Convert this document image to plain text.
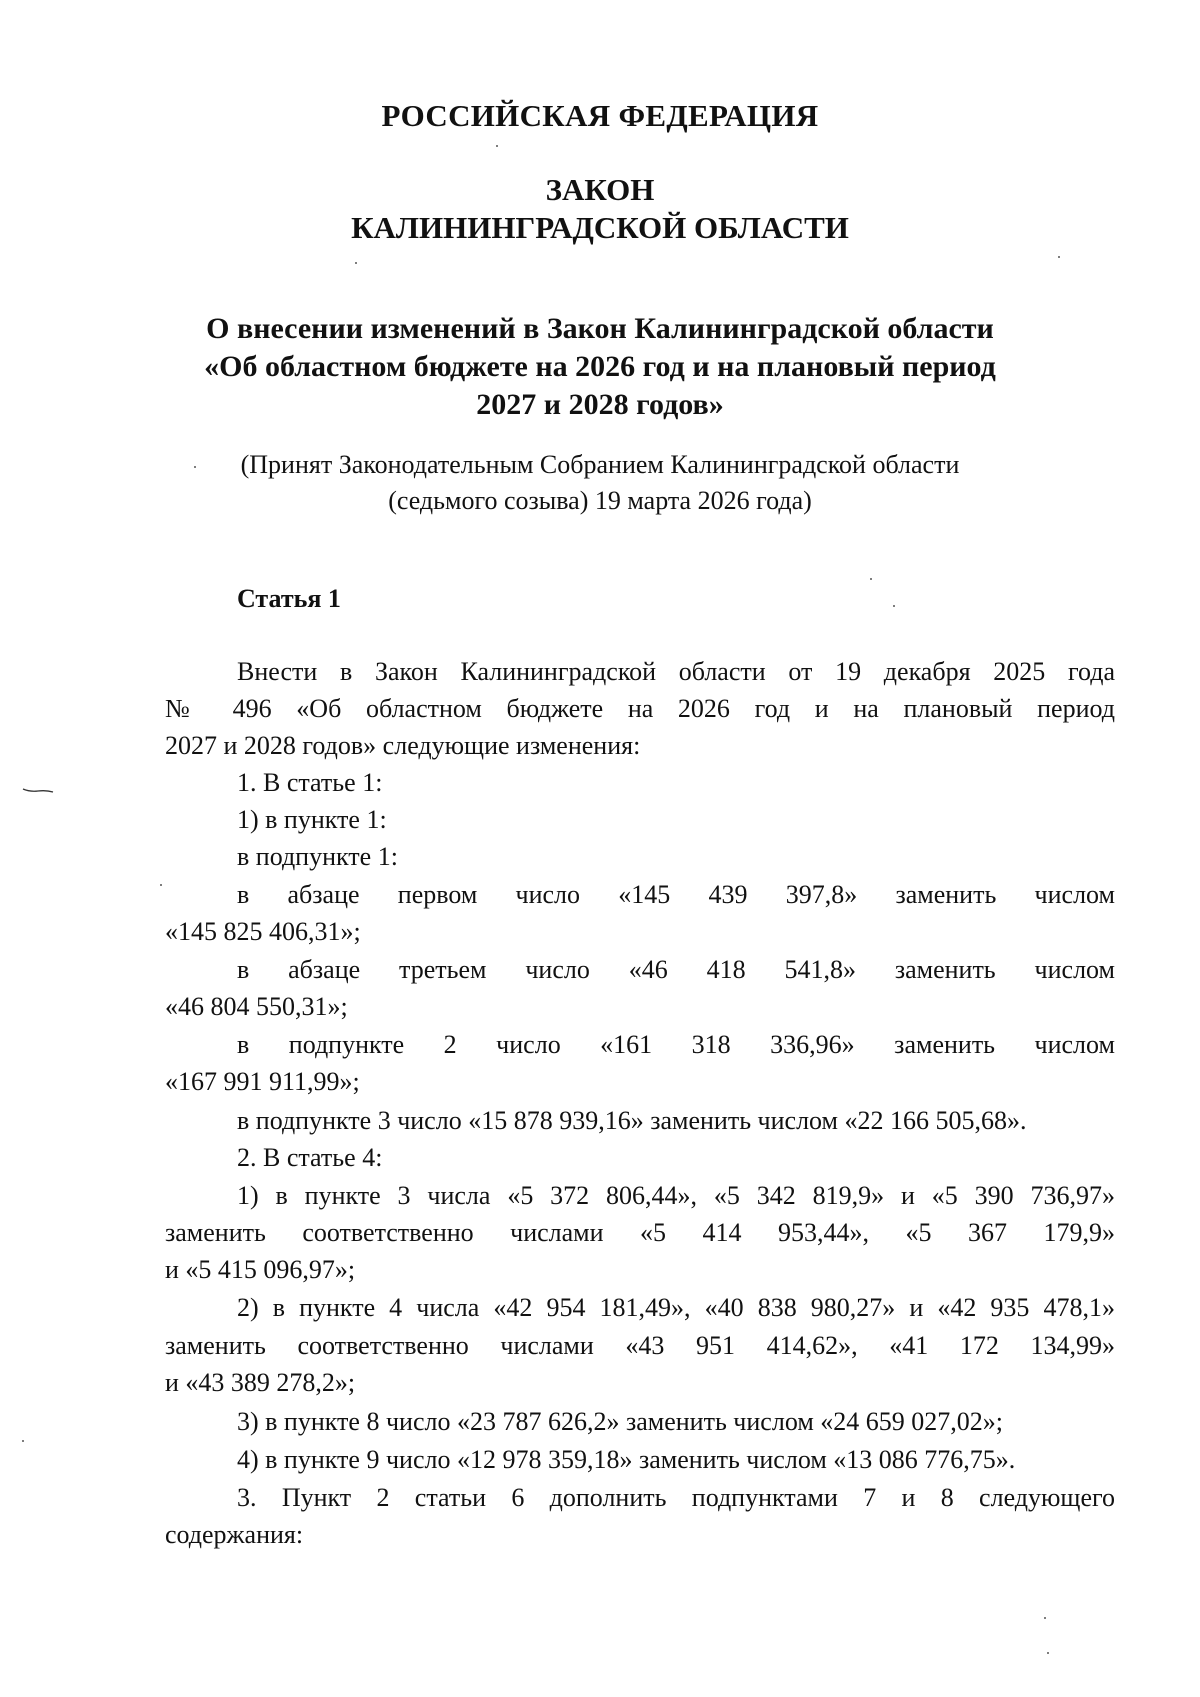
РОССИЙСКАЯ ФЕДЕРАЦИЯ
ЗАКОН
КАЛИНИНГРАДСКОЙ ОБЛАСТИ
О внесении изменений в Закон Калининградской области
«Об областном бюджете на 2026 год и на плановый период
2027 и 2028 годов»
(Принят Законодательным Собранием Калининградской области
(седьмого созыва) 19 марта 2026 года)
Статья 1
Внести в Закон Калининградской области от 19 декабря 2025 года
№ 496 «Об областном бюджете на 2026 год и на плановый период
2027 и 2028 годов» следующие изменения:
1. В статье 1:
1) в пункте 1:
в подпункте 1:
в абзаце первом число «145 439 397,8» заменить числом
«145 825 406,31»;
в абзаце третьем число «46 418 541,8» заменить числом
«46 804 550,31»;
в подпункте 2 число «161 318 336,96» заменить числом
«167 991 911,99»;
в подпункте 3 число «15 878 939,16» заменить числом «22 166 505,68».
2. В статье 4:
1) в пункте 3 числа «5 372 806,44», «5 342 819,9» и «5 390 736,97»
заменить соответственно числами «5 414 953,44», «5 367 179,9»
и «5 415 096,97»;
2) в пункте 4 числа «42 954 181,49», «40 838 980,27» и «42 935 478,1»
заменить соответственно числами «43 951 414,62», «41 172 134,99»
и «43 389 278,2»;
3) в пункте 8 число «23 787 626,2» заменить числом «24 659 027,02»;
4) в пункте 9 число «12 978 359,18» заменить числом «13 086 776,75».
3. Пункт 2 статьи 6 дополнить подпунктами 7 и 8 следующего
содержания:
